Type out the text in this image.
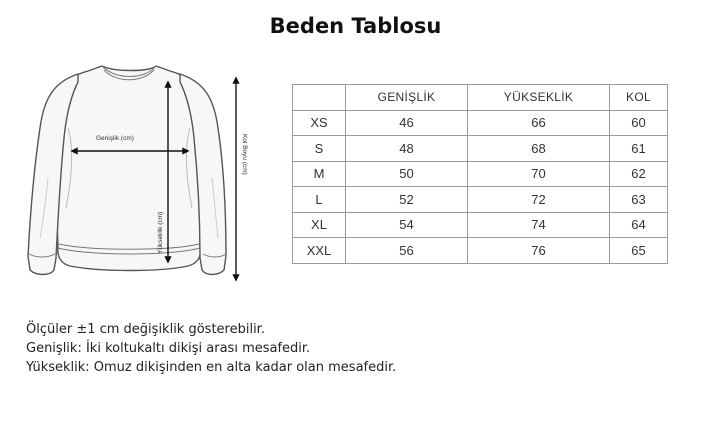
Beden Tablosu
Genişlik (cm)
Yükseklik (cm)
Kol Boyu (cm)
	GENİŞLİK	YÜKSEKLİK	KOL
XS	46	66	60
S	48	68	61
M	50	70	62
L	52	72	63
XL	54	74	64
XXL	56	76	65
Ölçüler ±1 cm değişiklik gösterebilir.
Genişlik: İki koltukaltı dikişi arası mesafedir.
Yükseklik: Omuz dikişinden en alta kadar olan mesafedir.
